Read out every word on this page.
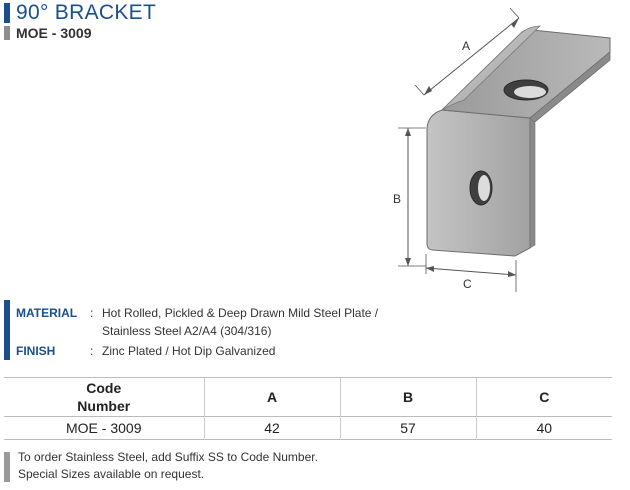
90° BRACKET
MOE - 3009
A
B
C
MATERIAL : Hot Rolled, Pickled & Deep Drawn Mild Steel Plate /
Stainless Steel A2/A4 (304/316)
FINISH	: Zinc Plated / Hot Dip Galvanized
Code
Number	A	B	C
MOE - 3009	42	57	40
To order Stainless Steel, add Suffix SS to Code Number.
Special Sizes available on request.
